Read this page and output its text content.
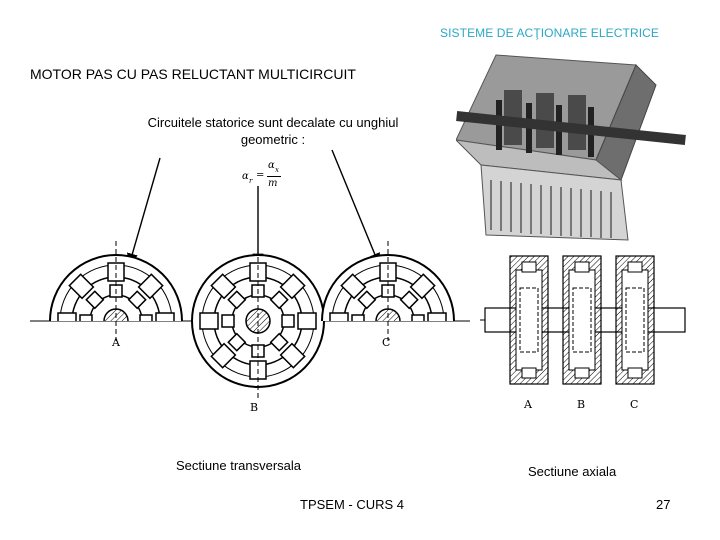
SISTEME DE ACŢIONARE ELECTRICE
MOTOR PAS CU PAS RELUCTANT MULTICIRCUIT
Circuitele statorice sunt decalate cu unghiul
geometric :
α r =
α x
m
A
B
C
A	B	C
Sectiune transversala	Sectiune axiala
TPSEM - CURS 4	27
